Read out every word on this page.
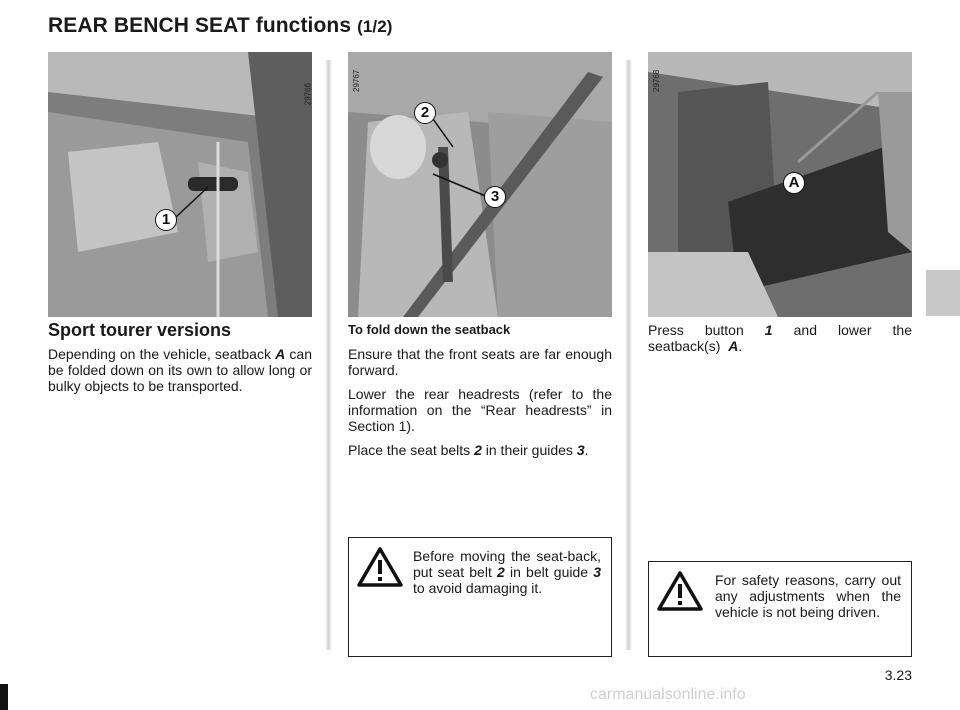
REAR BENCH SEAT functions (1/2)
1
29766
2
3
29767
A
29768
Sport tourer versions

Depending on the vehicle, seatback A can be folded down on its own to allow long or bulky objects to be transported.

To fold down the seatback

Ensure that the front seats are far enough forward.

Lower the rear headrests (refer to the information on the “Rear headrests” in Section 1).

Place the seat belts 2 in their guides 3.

Press button 1 and lower the seatback(s) A.

Before moving the seat-back, put seat belt 2 in belt guide 3 to avoid damaging it.	For safety reasons, carry out any adjustments when the vehicle is not being driven.
3.23
carmanualsonline.info
